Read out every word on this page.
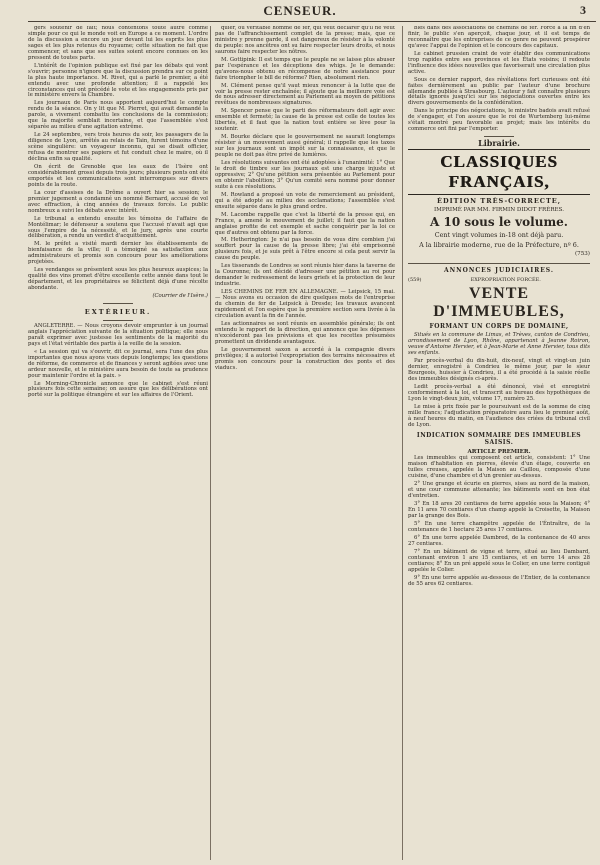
CENSEUR.	3

gers soutenir de fait; nous contentons toute autre comme simple pour ce qui le monde voit en Europe a ce moment. L'ordre de la discussion a encore un jour devant lui les esprits les plus sages et les plus retenus du royaume; cette situation ne fait que commencer, et sans que ses suites soient encore connues on les pressent de toutes parts.

L'intérêt de l'opinion publique est fixé par les débats qui vont s'ouvrir; personne n'ignore que la discussion prendra sur ce point la plus haute importance. M. Rivet, qui a parlé le premier, a été entendu avec une profonde attention; il a rappelé les circonstances qui ont précédé le vote et les engagements pris par le ministère envers la Chambre.

Les journaux de Paris nous apportent aujourd'hui le compte rendu de la séance. On y lit que M. Pierret, qui avait demandé la parole, a vivement combattu les conclusions de la commission; que la majorité semblait incertaine, et que l'assemblée s'est séparée au milieu d'une agitation extrême.

Le 24 septembre, vers trois heures du soir, les passagers de la diligence de Lyon, arrêtés au relais de Tain, furent témoins d'une scène singulière: un voyageur inconnu, qui se disait officier, refusa de montrer ses papiers et fut conduit chez le maire, où il déclina enfin sa qualité.

On écrit de Grenoble que les eaux de l'Isère ont considérablement grossi depuis trois jours; plusieurs ponts ont été emportés et les communications sont interrompues sur divers points de la route.

La cour d'assises de la Drôme a ouvert hier sa session; le premier jugement a condamné un nommé Bernard, accusé de vol avec effraction, à cinq années de travaux forcés. Le public nombreux a suivi les débats avec intérêt.

Le tribunal a entendu ensuite les témoins de l'affaire de Montélimar; le défenseur a soutenu que l'accusé n'avait agi que sous l'empire de la nécessité, et le jury, après une courte délibération, a rendu un verdict d'acquittement.

M. le préfet a visité mardi dernier les établissements de bienfaisance de la ville; il a témoigné sa satisfaction aux administrateurs et promis son concours pour les améliorations projetées.

Les vendanges se présentent sous les plus heureux auspices; la qualité des vins promet d'être excellente cette année dans tout le département, et les propriétaires se félicitent déjà d'une récolte abondante.

(Courrier de l'Isère.)

EXTÉRIEUR.

ANGLETERRE. — Nous croyons devoir emprunter à un journal anglais l'appréciation suivante de la situation politique; elle nous paraît exprimer avec justesse les sentiments de la majorité du pays et l'état véritable des partis à la veille de la session.

« La session qui va s'ouvrir, dit ce journal, sera l'une des plus importantes que nous ayons vues depuis longtemps; les questions de réforme, de commerce et de finances y seront agitées avec une ardeur nouvelle, et le ministère aura besoin de toute sa prudence pour maintenir l'ordre et la paix. »

Le Morning-Chronicle annonce que le cabinet s'est réuni plusieurs fois cette semaine; on assure que les délibérations ont porté sur la politique étrangère et sur les affaires de l'Orient.

quier, ou véritable homme de fer, qui veut déclarer qu'il ne veut pas de l'affranchissement complet de la presse; mais, que ce ministre y prenne garde, il est dangereux de résister à la volonté du peuple: nos ancêtres ont su faire respecter leurs droits, et nous saurons faire respecter les nôtres.

M. Gottipink: Il est temps que le peuple ne se laisse plus abuser par l'espérance et les déceptions des whigs. Je le demande: qu'avons-nous obtenu en récompense de notre assistance pour faire triompher le bill de réforme? Rien, absolument rien.

M. Clément pense qu'il vaut mieux renoncer à la lutte que de voir la presse rester enchaînée; il ajoute que la meilleure voie est de nous adresser directement au Parlement au moyen de pétitions revêtues de nombreuses signatures.

M. Spencer pense que le parti des réformateurs doit agir avec ensemble et fermeté; la cause de la presse est celle de toutes les libertés, et il faut que la nation tout entière se lève pour la soutenir.

M. Bourke déclare que le gouvernement ne saurait longtemps résister à un mouvement aussi général; il rappelle que les taxes sur les journaux sont un impôt sur la connaissance, et que le peuple ne doit pas être privé de lumières.

Les résolutions suivantes ont été adoptées à l'unanimité: 1° Que le droit de timbre sur les journaux est une charge injuste et oppressive; 2° Qu'une pétition sera présentée au Parlement pour en obtenir l'abolition; 3° Qu'un comité sera nommé pour donner suite à ces résolutions.

M. Rowland a proposé un vote de remerciement au président, qui a été adopté au milieu des acclamations; l'assemblée s'est ensuite séparée dans le plus grand ordre.

M. Lacombe rappelle que c'est la liberté de la presse qui, en France, a amené le mouvement de juillet; il faut que la nation anglaise profite de cet exemple et sache conquérir par la loi ce que d'autres ont obtenu par la force.

M. Hetherington: Je n'ai pas besoin de vous dire combien j'ai souffert pour la cause de la presse libre; j'ai été emprisonné plusieurs fois, et je suis prêt à l'être encore si cela peut servir la cause du peuple.

Les tisserands de Londres se sont réunis hier dans la taverne de la Couronne; ils ont décidé d'adresser une pétition au roi pour demander le redressement de leurs griefs et la protection de leur industrie.

LES CHEMINS DE FER EN ALLEMAGNE. — Leipsick, 15 mai. — Nous avons eu occasion de dire quelques mots de l'entreprise du chemin de fer de Leipsick à Dresde; les travaux avancent rapidement et l'on espère que la première section sera livrée à la circulation avant la fin de l'année.

Les actionnaires se sont réunis en assemblée générale; ils ont entendu le rapport de la direction, qui annonce que les dépenses n'excéderont pas les prévisions et que les recettes présumées promettent un dividende avantageux.

Le gouvernement saxon a accordé à la compagnie divers privilèges; il a autorisé l'expropriation des terrains nécessaires et promis son concours pour la construction des ponts et des viaducs.

blés dans des associations de chemins de fer. Force à la fin d'en finir, le public s'en aperçoit, chaque jour, et il est temps de reconnaître que les entreprises de ce genre ne peuvent prospérer qu'avec l'appui de l'opinion et le concours des capitaux.

Le cabinet prussien craint de voir établir des communications trop rapides entre ses provinces et les États voisins; il redoute l'influence des idées nouvelles que favoriserait une circulation plus active.

Sous ce dernier rapport, des révélations fort curieuses ont été faites dernièrement au public par l'auteur d'une brochure allemande publiée à Strasbourg. L'auteur y fait connaître plusieurs détails ignorés jusqu'ici sur les négociations ouvertes entre les divers gouvernements de la confédération.

Dans le principe des négociations, le ministre badois avait refusé de s'engager, et l'on assure que le roi de Wurtemberg lui-même s'était montré peu favorable au projet; mais les intérêts du commerce ont fini par l'emporter.

Librairie.

CLASSIQUES FRANÇAIS,
ÉDITION TRÈS-CORRECTE,
IMPRIMÉ PAR MM. FIRMIN DIDOT FRÈRES.
A 10 sous le volume.
Cent vingt volumes in-18 ont déjà paru.
A la librairie moderne, rue de la Préfecture, nº 6.
(753)
ANNONCES JUDICIAIRES.
(559)	EXPROPRIATION FORCÉE.
VENTE D'IMMEUBLES,
FORMANT UN CORPS DE DOMAINE,

Situés en la commune de Limas, et Trèves, canton de Condrieu, arrondissement de Lyon, Rhône, appartenant à Jeanne Roiron, veuve d'Antoine Hervier, et à Jean-Marie et Anne Hervier, tous dits ses enfants.

Par procès-verbal du dix-huit, dix-neuf, vingt et vingt-un juin dernier, enregistré à Condrieu le même jour, par le sieur Bourgeois, huissier à Condrieu, il a été procédé à la saisie réelle des immeubles désignés ci-après.

Ledit procès-verbal a été dénoncé, visé et enregistré conformément à la loi, et transcrit au bureau des hypothèques de Lyon le vingt-deux juin, volume 17, numéro 25.

Le mise à prix fixée par le poursuivant est de la somme de cinq mille francs; l'adjudication préparatoire aura lieu le premier août, à neuf heures du matin, en l'audience des criées du tribunal civil de Lyon.

INDICATION SOMMAIRE DES IMMEUBLES SAISIS.
ARTICLE PREMIER.

Les immeubles qui composent cet article, consistent: 1° Une maison d'habitation en pierres, élevée d'un étage, couverte en tuiles creuses, appelée la Maison au Caillou, composée d'une cuisine, d'une chambre et d'un grenier au-dessus.

2° Une grange et écurie en pierres, sises au nord de la maison, et une cour commune attenante; les bâtiments sont en bon état d'entretien.

3° En 18 ares 20 centiares de terre appelée sous la Maison; 4° En 11 ares 70 centiares d'un champ appelé la Croisette, la Maison par la grange des Bois.

5° En une terre champêtre appelée de l'Éntraître, de la contenance de 1 hectare 25 ares 17 centiares.

6° En une terre appelée Dambred, de la contenance de 40 ares 27 centiares.

7° En un bâtiment de vigne et terre, situé au lieu Dambard, contenant environ 1 are 15 centiares, et en terre 14 ares 28 centiares; 8° En un pré appelé sous le Colier, en une terre contiguë appelée le Colier.

9° En une terre appelée au-dessous de l'Entier, de la contenance de 55 ares 62 centiares.
